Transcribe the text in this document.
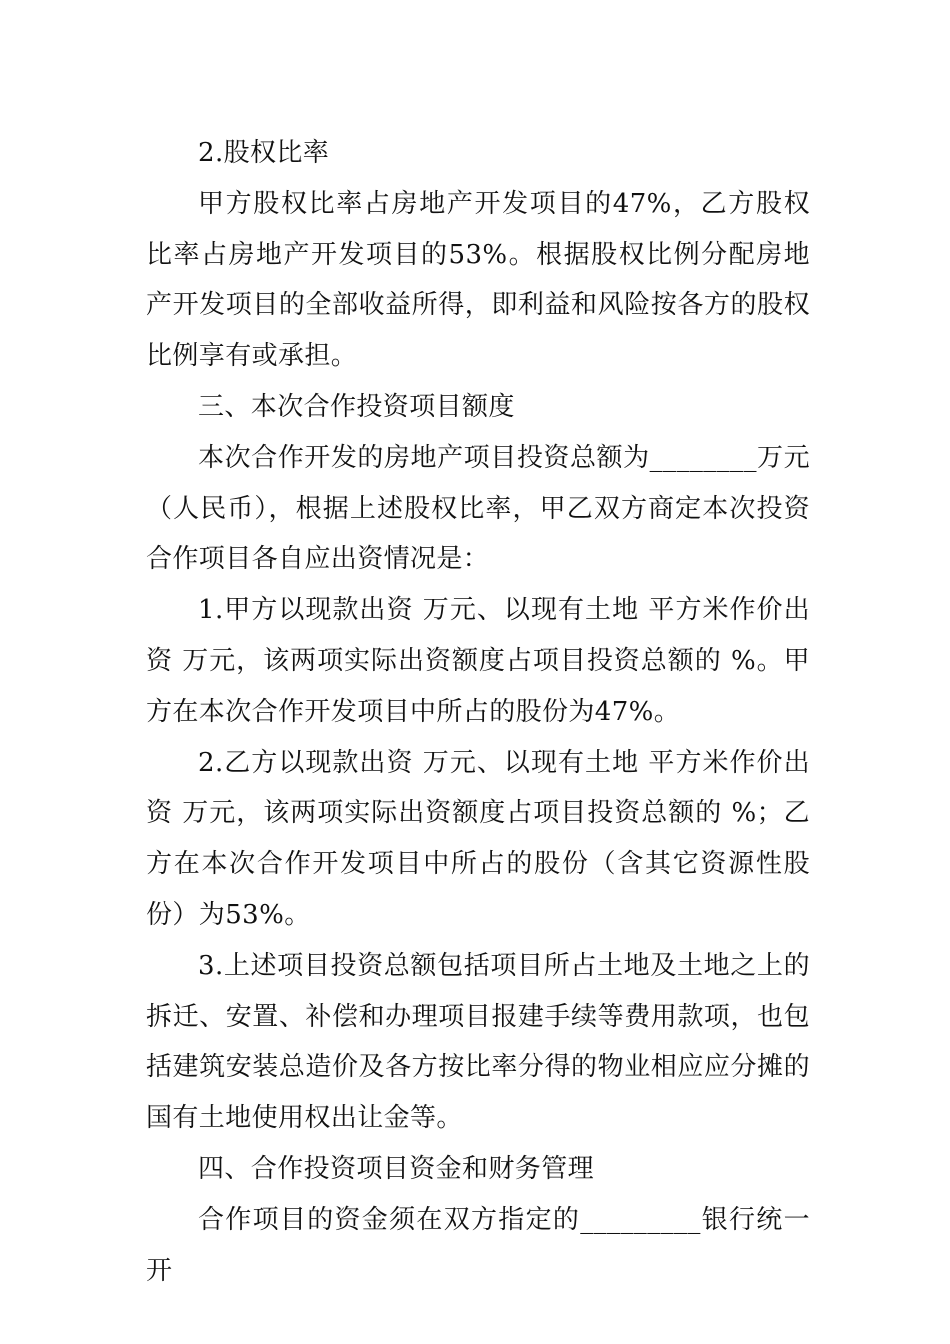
2.股权比率

甲方股权比率占房地产开发项目的47%，乙方股权比率占房地产开发项目的53%。根据股权比例分配房地产开发项目的全部收益所得，即利益和风险按各方的股权比例享有或承担。

三、本次合作投资项目额度

本次合作开发的房地产项目投资总额为________万元（人民币），根据上述股权比率，甲乙双方商定本次投资合作项目各自应出资情况是：

1.甲方以现款出资 万元、以现有土地 平方米作价出资 万元，该两项实际出资额度占项目投资总额的 %。甲方在本次合作开发项目中所占的股份为47%。

2.乙方以现款出资 万元、以现有土地 平方米作价出资 万元，该两项实际出资额度占项目投资总额的 %；乙方在本次合作开发项目中所占的股份（含其它资源性股份）为53%。

3.上述项目投资总额包括项目所占土地及土地之上的拆迁、安置、补偿和办理项目报建手续等费用款项，也包括建筑安装总造价及各方按比率分得的物业相应应分摊的国有土地使用权出让金等。

四、合作投资项目资金和财务管理

合作项目的资金须在双方指定的_________银行统一开
